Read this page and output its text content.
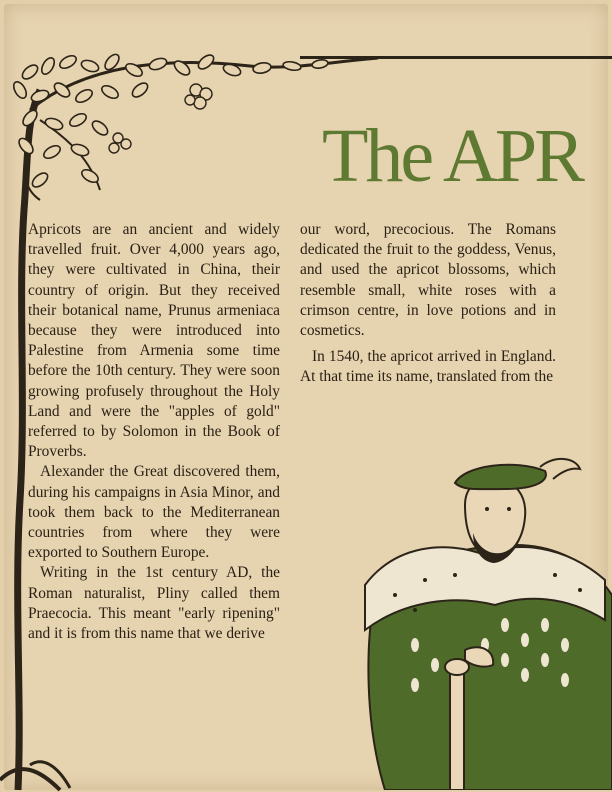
The APR

Apricots are an ancient and widely travelled fruit. Over 4,000 years ago, they were cultivated in China, their country of origin. But they received their botanical name, Prunus armeniaca because they were introduced into Palestine from Armenia some time before the 10th century. They were soon growing profusely throughout the Holy Land and were the "apples of gold" referred to by Solomon in the Book of Proverbs.

Alexander the Great discovered them, during his campaigns in Asia Minor, and took them back to the Mediterranean countries from where they were exported to Southern Europe.

Writing in the 1st century AD, the Roman naturalist, Pliny called them Praecocia. This meant "early ripening" and it is from this name that we derive

our word, precocious. The Romans dedicated the fruit to the goddess, Venus, and used the apricot blossoms, which resemble small, white roses with a crimson centre, in love potions and in cosmetics.

In 1540, the apricot arrived in England. At that time its name, translated from the
